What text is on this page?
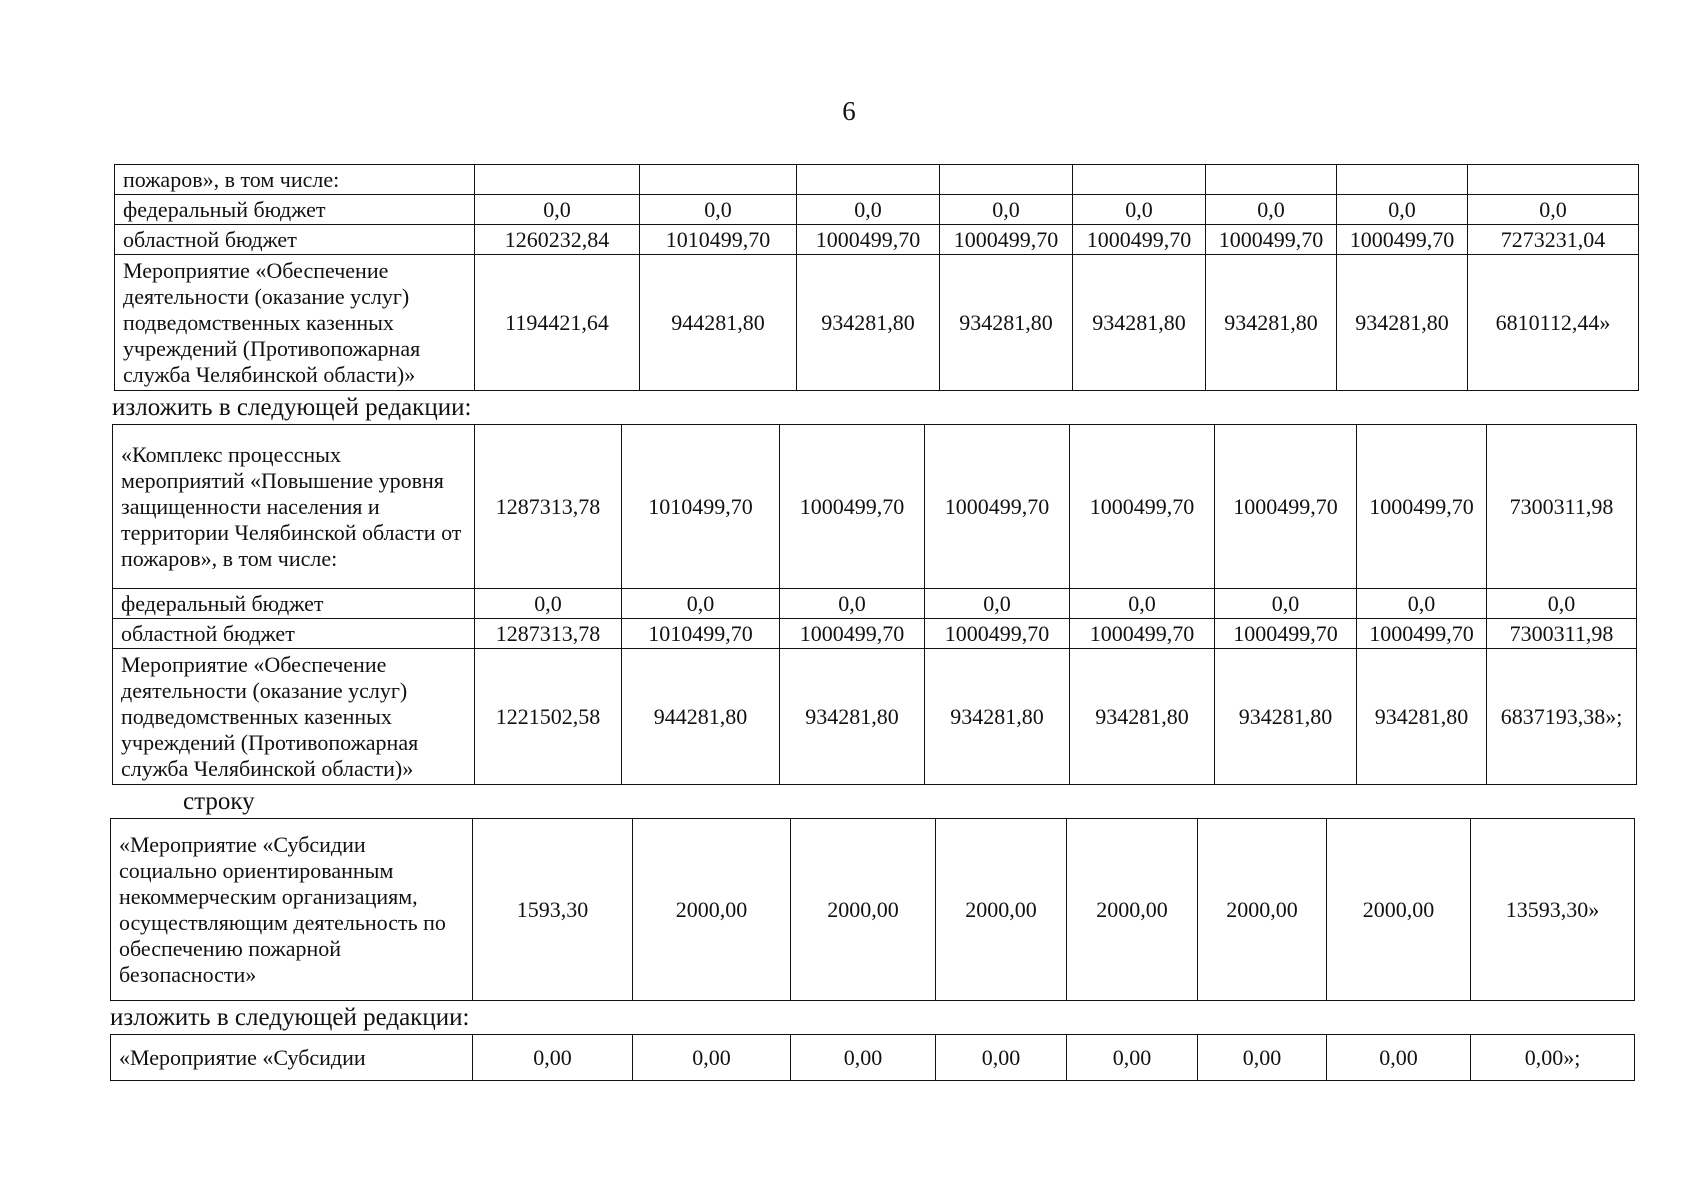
6
пожаров», в том числе:								
федеральный бюджет	0,0	0,0	0,0	0,0	0,0	0,0	0,0	0,0
областной бюджет	1260232,84	1010499,70	1000499,70	1000499,70	1000499,70	1000499,70	1000499,70	7273231,04
Мероприятие «Обеспечение деятельности (оказание услуг) подведомственных казенных учреждений (Противопожарная служба Челябинской области)»	1194421,64	944281,80	934281,80	934281,80	934281,80	934281,80	934281,80	6810112,44»
изложить в следующей редакции:
«Комплекс процессных мероприятий «Повышение уровня защищенности населения и территории Челябинской области от пожаров», в том числе:	1287313,78	1010499,70	1000499,70	1000499,70	1000499,70	1000499,70	1000499,70	7300311,98
федеральный бюджет	0,0	0,0	0,0	0,0	0,0	0,0	0,0	0,0
областной бюджет	1287313,78	1010499,70	1000499,70	1000499,70	1000499,70	1000499,70	1000499,70	7300311,98
Мероприятие «Обеспечение деятельности (оказание услуг) подведомственных казенных учреждений (Противопожарная служба Челябинской области)»	1221502,58	944281,80	934281,80	934281,80	934281,80	934281,80	934281,80	6837193,38»;
строку
«Мероприятие «Субсидии социально ориентированным некоммерческим организациям, осуществляющим деятельность по обеспечению пожарной безопасности»	1593,30	2000,00	2000,00	2000,00	2000,00	2000,00	2000,00	13593,30»
изложить в следующей редакции:
«Мероприятие «Субсидии	0,00	0,00	0,00	0,00	0,00	0,00	0,00	0,00»;
